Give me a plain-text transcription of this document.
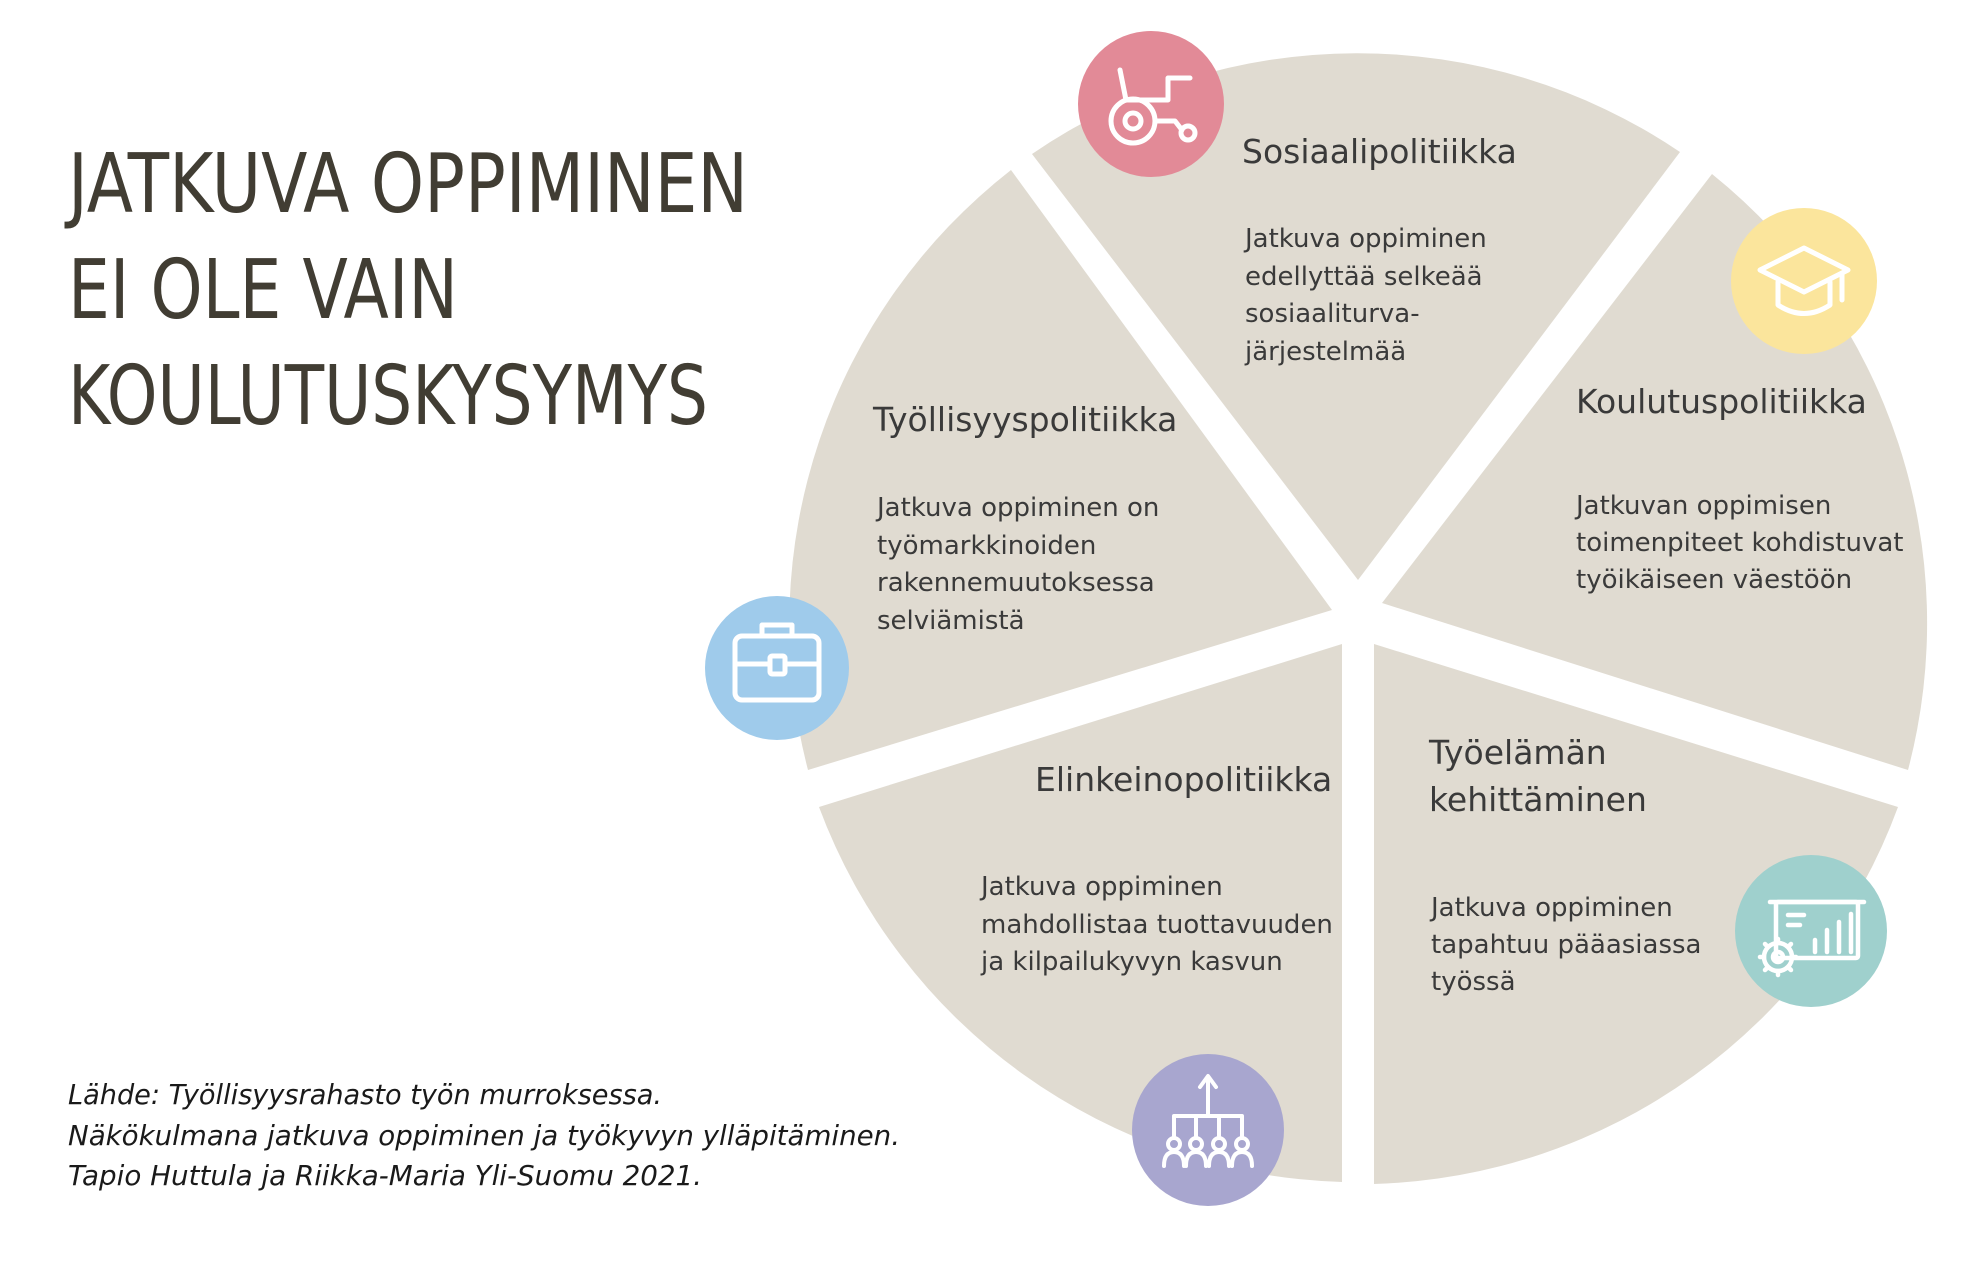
JATKUVA OPPIMINEN
EI OLE VAIN
KOULUTUSKYSYMYS
Sosiaalipolitiikka
Jatkuva oppiminen
edellyttää selkeää
sosiaaliturva-
järjestelmää
Koulutuspolitiikka
Jatkuvan oppimisen
toimenpiteet kohdistuvat
työikäiseen väestöön
Työelämän
kehittäminen
Jatkuva oppiminen
tapahtuu pääasiassa
työssä
Elinkeinopolitiikka
Jatkuva oppiminen
mahdollistaa tuottavuuden
ja kilpailukyvyn kasvun
Työllisyyspolitiikka
Jatkuva oppiminen on
työmarkkinoiden
rakennemuutoksessa
selviämistä
Lähde: Työllisyysrahasto työn murroksessa.
Näkökulmana jatkuva oppiminen ja työkyvyn ylläpitäminen.
Tapio Huttula ja Riikka-Maria Yli-Suomu 2021.
